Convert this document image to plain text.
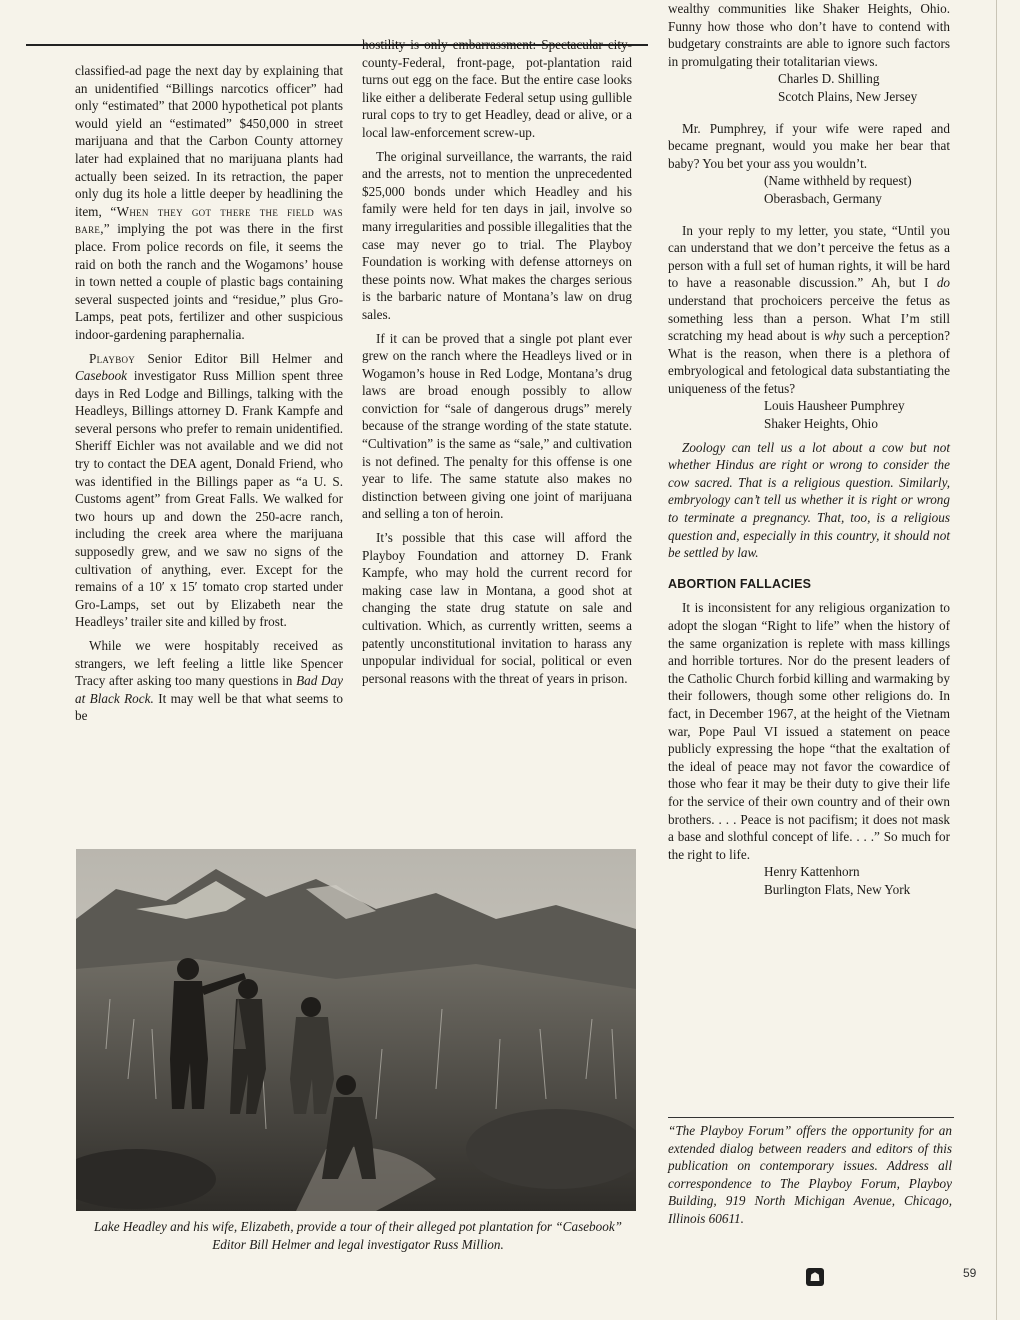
classified-ad page the next day by explaining that an unidentified “Billings narcotics officer” had only “estimated” that 2000 hypothetical pot plants would yield an “estimated” $450,000 in street marijuana and that the Carbon County attorney later had explained that no marijuana plants had actually been seized. In its retraction, the paper only dug its hole a little deeper by headlining the item, “When they got there the field was bare,” implying the pot was there in the first place. From police records on file, it seems the raid on both the ranch and the Wogamons’ house in town netted a couple of plastic bags containing several suspected joints and “residue,” plus Gro-Lamps, peat pots, fertilizer and other suspicious indoor-gardening paraphernalia.

Playboy Senior Editor Bill Helmer and Casebook investigator Russ Million spent three days in Red Lodge and Billings, talking with the Headleys, Billings attorney D. Frank Kampfe and several persons who prefer to remain unidentified. Sheriff Eichler was not available and we did not try to contact the DEA agent, Donald Friend, who was identified in the Billings paper as “a U. S. Customs agent” from Great Falls. We walked for two hours up and down the 250-acre ranch, including the creek area where the marijuana supposedly grew, and we saw no signs of the cultivation of anything, ever. Except for the remains of a 10′ x 15′ tomato crop started under Gro-Lamps, set out by Elizabeth near the Headleys’ trailer site and killed by frost.

While we were hospitably received as strangers, we left feeling a little like Spencer Tracy after asking too many questions in Bad Day at Black Rock. It may well be that what seems to be

hostility is only embarrassment: Spectacular city-county-Federal, front-page, pot-plantation raid turns out egg on the face. But the entire case looks like either a deliberate Federal setup using gullible rural cops to try to get Headley, dead or alive, or a local law-enforcement screw-up.

The original surveillance, the warrants, the raid and the arrests, not to mention the unprecedented $25,000 bonds under which Headley and his family were held for ten days in jail, involve so many irregularities and possible illegalities that the case may never go to trial. The Playboy Foundation is working with defense attorneys on these points now. What makes the charges serious is the barbaric nature of Montana’s law on drug sales.

If it can be proved that a single pot plant ever grew on the ranch where the Headleys lived or in Wogamon’s house in Red Lodge, Montana’s drug laws are broad enough possibly to allow conviction for “sale of dangerous drugs” merely because of the strange wording of the state statute. “Cultivation” is the same as “sale,” and cultivation is not defined. The penalty for this offense is one year to life. The same statute also makes no distinction between giving one joint of marijuana and selling a ton of heroin.

It’s possible that this case will afford the Playboy Foundation and attorney D. Frank Kampfe, who may hold the current record for making case law in Montana, a good shot at changing the state drug statute on sale and cultivation. Which, as currently written, seems a patently unconstitutional invitation to harass any unpopular individual for social, political or even personal reasons with the threat of years in prison.

wealthy communities like Shaker Heights, Ohio. Funny how those who don’t have to contend with budgetary constraints are able to ignore such factors in promulgating their totalitarian views.

Charles D. Shilling

Scotch Plains, New Jersey

Mr. Pumphrey, if your wife were raped and became pregnant, would you make her bear that baby? You bet your ass you wouldn’t.

(Name withheld by request)

Oberasbach, Germany

In your reply to my letter, you state, “Until you can understand that we don’t perceive the fetus as a person with a full set of human rights, it will be hard to have a reasonable discussion.” Ah, but I do understand that prochoicers perceive the fetus as something less than a person. What I’m still scratching my head about is why such a perception? What is the reason, when there is a plethora of embryological and fetological data substantiating the uniqueness of the fetus?

Louis Hausheer Pumphrey

Shaker Heights, Ohio

Zoology can tell us a lot about a cow but not whether Hindus are right or wrong to consider the cow sacred. That is a religious question. Similarly, embryology can’t tell us whether it is right or wrong to terminate a pregnancy. That, too, is a religious question and, especially in this country, it should not be settled by law.

ABORTION FALLACIES

It is inconsistent for any religious organization to adopt the slogan “Right to life” when the history of the same organization is replete with mass killings and horrible tortures. Nor do the present leaders of the Catholic Church forbid killing and warmaking by their followers, though some other religions do. In fact, in December 1967, at the height of the Vietnam war, Pope Paul VI issued a statement on peace publicly expressing the hope “that the exaltation of the ideal of peace may not favor the cowardice of those who fear it may be their duty to give their life for the service of their own country and of their own brothers. . . . Peace is not pacifism; it does not mask a base and slothful concept of life. . . .” So much for the right to life.

Henry Kattenhorn

Burlington Flats, New York

Lake Headley and his wife, Elizabeth, provide a tour of their alleged pot plantation for “Casebook” Editor Bill Helmer and legal investigator Russ Million.
“The Playboy Forum” offers the opportunity for an extended dialog between readers and editors of this publication on contemporary issues. Address all correspondence to The Playboy Forum, Playboy Building, 919 North Michigan Avenue, Chicago, Illinois 60611.
☗	59
